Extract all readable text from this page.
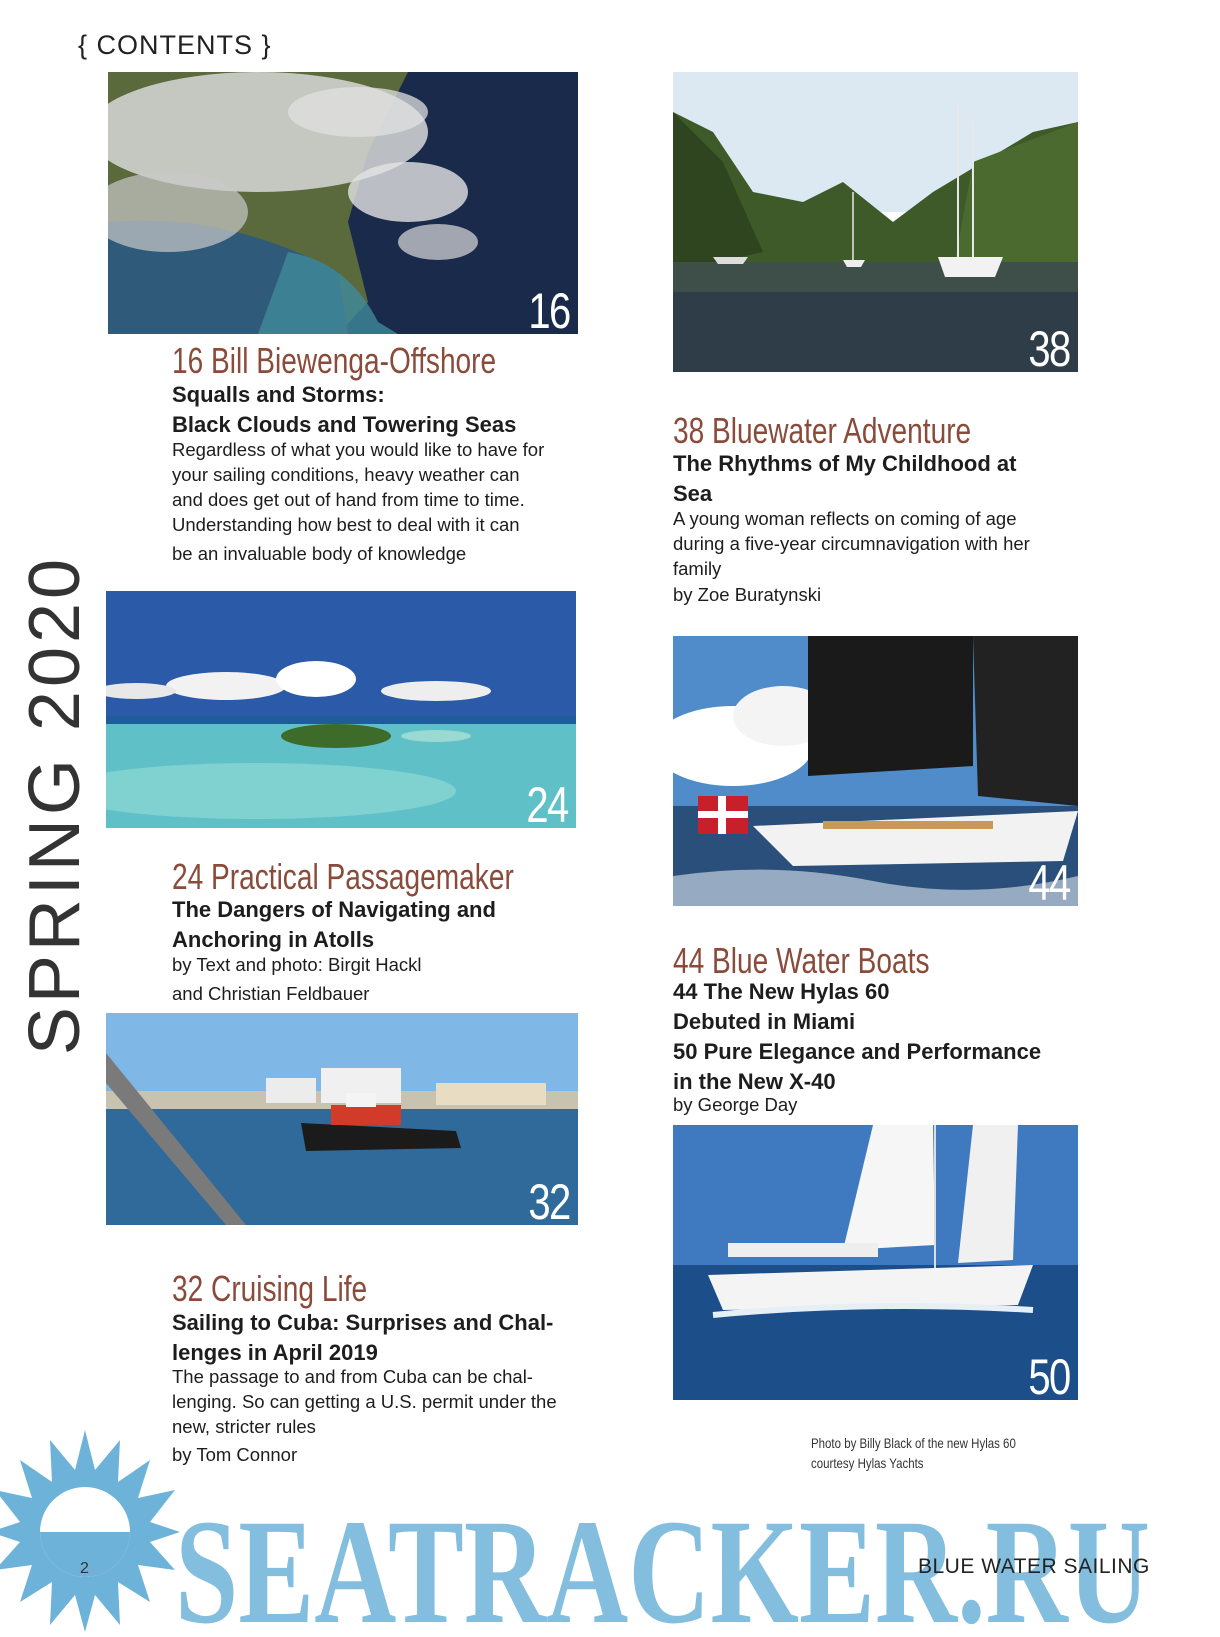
{ CONTENTS }
SPRING 2020
16
16 Bill Biewenga-Offshore
Squalls and Storms:
Black Clouds and Towering Seas
Regardless of what you would like to have for
your sailing conditions, heavy weather can
and does get out of hand from time to time.
Understanding how best to deal with it can
be an invaluable body of knowledge
24
24 Practical Passagemaker
The Dangers of Navigating and
Anchoring in Atolls
by Text and photo: Birgit Hackl
and Christian Feldbauer
32
32 Cruising Life
Sailing to Cuba: Surprises and Chal-
lenges in April 2019
The passage to and from Cuba can be chal-
lenging. So can getting a U.S. permit under the
new, stricter rules
by Tom Connor
38
38 Bluewater Adventure
The Rhythms of My Childhood at
Sea
A young woman reflects on coming of age
during a five-year circumnavigation with her
family
by Zoe Buratynski
44
44 Blue Water Boats
44 The New Hylas 60
Debuted in Miami
50 Pure Elegance and Performance
in the New X-40
by George Day
50
Photo by Billy Black of the new Hylas 60
courtesy Hylas Yachts
SEATRACKER.RU
2	BLUE WATER SAILING
